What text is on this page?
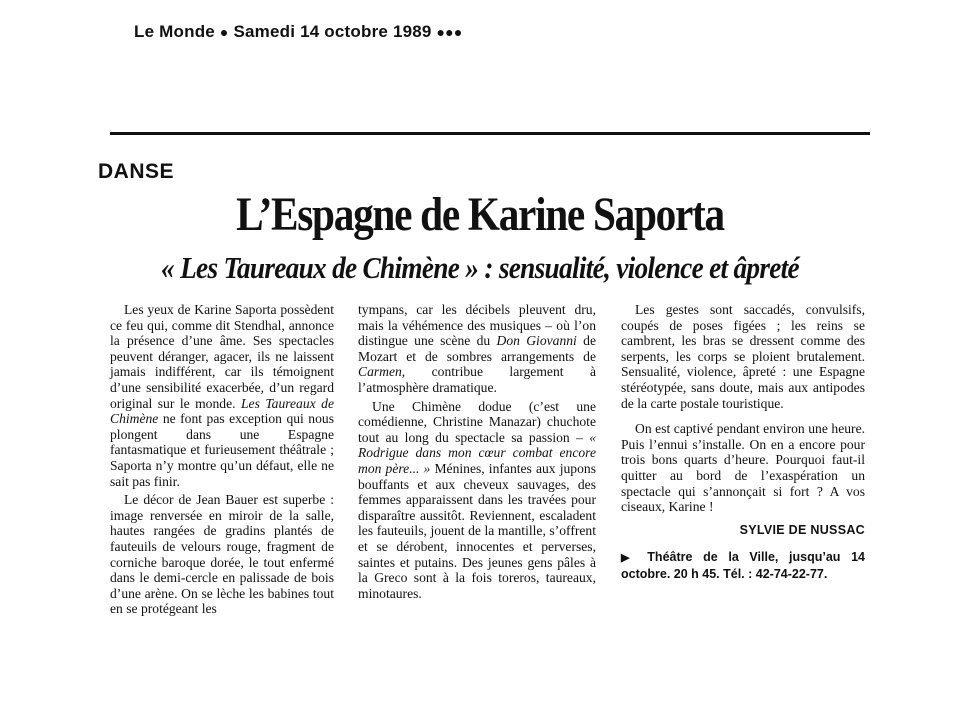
Le Monde ● Samedi 14 octobre 1989 ●●●
DANSE
L’Espagne de Karine Saporta
« Les Taureaux de Chimène » : sensualité, violence et âpreté

Les yeux de Karine Saporta possèdent ce feu qui, comme dit Stendhal, annonce la présence d’une âme. Ses spectacles peuvent déranger, agacer, ils ne laissent jamais indifférent, car ils témoignent d’une sensibilité exacerbée, d’un regard original sur le monde. Les Taureaux de Chimène ne font pas exception qui nous plongent dans une Espagne fantasmatique et furieusement théâtrale ; Saporta n’y montre qu’un défaut, elle ne sait pas finir.

Le décor de Jean Bauer est superbe : image renversée en miroir de la salle, hautes rangées de gradins plantés de fauteuils de velours rouge, fragment de corniche baroque dorée, le tout enfermé dans le demi-cercle en palissade de bois d’une arène. On se lèche les babines tout en se protégeant les

tympans, car les décibels pleuvent dru, mais la véhémence des musiques – où l’on distingue une scène du Don Giovanni de Mozart et de sombres arrangements de Carmen, contribue largement à l’atmosphère dramatique.

Une Chimène dodue (c’est une comédienne, Christine Manazar) chuchote tout au long du spectacle sa passion – « Rodrigue dans mon cœur combat encore mon père... » Ménines, infantes aux jupons bouffants et aux cheveux sauvages, des femmes apparaissent dans les travées pour disparaître aussitôt. Reviennent, escaladent les fauteuils, jouent de la mantille, s’offrent et se dérobent, innocentes et perverses, saintes et putains. Des jeunes gens pâles à la Greco sont à la fois toreros, taureaux, minotaures.

Les gestes sont saccadés, convulsifs, coupés de poses figées ; les reins se cambrent, les bras se dressent comme des serpents, les corps se ploient brutalement. Sensualité, violence, âpreté : une Espagne stéréotypée, sans doute, mais aux antipodes de la carte postale touristique.

On est captivé pendant environ une heure. Puis l’ennui s’installe. On en a encore pour trois bons quarts d’heure. Pourquoi faut-il quitter au bord de l’exaspération un spectacle qui s’annonçait si fort ? A vos ciseaux, Karine !

SYLVIE DE NUSSAC
▶ Théâtre de la Ville, jusqu’au 14 octobre. 20 h 45. Tél. : 42-74-22-77.
